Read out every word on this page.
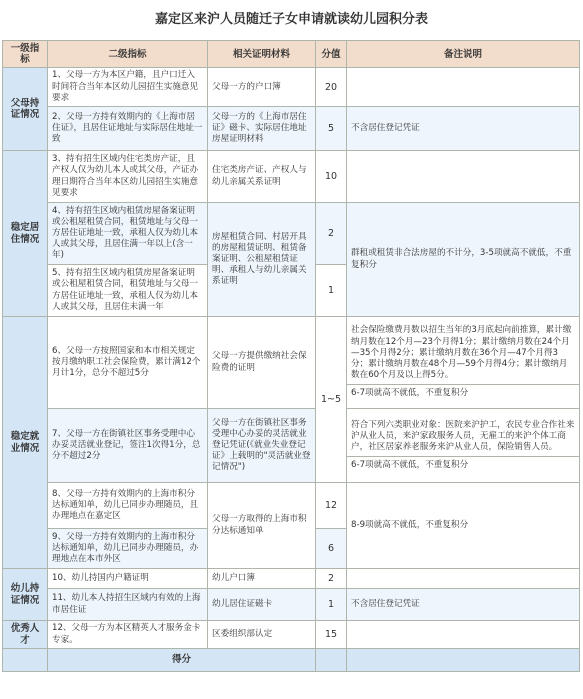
嘉定区来沪人员随迁子女申请就读幼儿园积分表
一级指标	二级指标	相关证明材料	分值	备注说明
父母持证情况	1、父母一方为本区户籍，且户口迁入时间符合当年本区幼儿园招生实施意见要求	父母一方的户口簿	20	
	2、父母一方持有效期内的《上海市居住证》，且居住证地址与实际居住地址一致	父母一方的《上海市居住证》磁卡、实际居住地址房屋证明材料	5	不含居住登记凭证
稳定居住情况	3、持有招生区域内住宅类房产证，且产权人仅为幼儿本人或其父母，产证办理日期符合当年本区幼儿园招生实施意见要求	住宅类房产证、产权人与幼儿亲属关系证明	10	
	4、持有招生区域内租赁房屋备案证明或公租屋租赁合同，租赁地址与父母一方居住证地址一致，承租人仅为幼儿本人或其父母，且居住满一年以上(含一年)	房屋租赁合同、村居开具的房屋租赁证明、租赁备案证明、公租屋租赁证明、承租人与幼儿亲属关系证明	2	群租或租赁非合法房屋的不计分，3-5项就高不就低，不重复积分
	5、持有招生区域内租赁房屋备案证明或公租屋租赁合同，租赁地址与父母一方居住证地址一致，承租人仅为幼儿本人或其父母，且居住未满一年		1	
稳定就业情况	6、父母一方按照国家和本市相关规定按月缴纳职工社会保险费，累计满12个月计1分，总分不超过5分	父母一方提供缴纳社会保险费的证明	1~5	社会保险缴费月数以招生当年的3月底起向前推算，累计缴纳月数在12个月—23个月得1分；累计缴纳月数在24个月—35个月得2分；累计缴纳月数在36个月—47个月得3分；累计缴纳月数在48个月—59个月得4分；累计缴纳月数在60个月及以上得5分。
6-7项就高不就低，不重复积分

	7、父母一方在街镇社区事务受理中心办妥灵活就业登记，签注1次得1分，总分不超过2分	父母一方在街镇社区事务受理中心办妥的灵活就业登记凭证(《就业失业登记证》上载明的"灵活就业登记情况")		符合下列六类职业对象：医院来沪护工，农民专业合作社来沪从业人员，来沪家政服务人员，无雇工的来沪个体工商户，社区居家养老服务来沪从业人员，保险销售人员。
6-7项就高不就低，不重复积分

	8、父母一方持有效期内的上海市积分达标通知单，幼儿已同步办理随员，且办理地点在嘉定区	父母一方取得的上海市积分达标通知单	12	8-9项就高不就低，不重复积分
	9、父母一方持有效期内的上海市积分达标通知单，幼儿已同步办理随员，办理地点在本市外区		6	
幼儿持证情况	10、幼儿持国内户籍证明	幼儿户口簿	2	
	11、幼儿本人持招生区域内有效的上海市居住证	幼儿居住证磁卡	1	不含居住登记凭证
优秀人才	12、父母一方为本区精英人才服务金卡专家。	区委组织部认定	15	
	得分			
